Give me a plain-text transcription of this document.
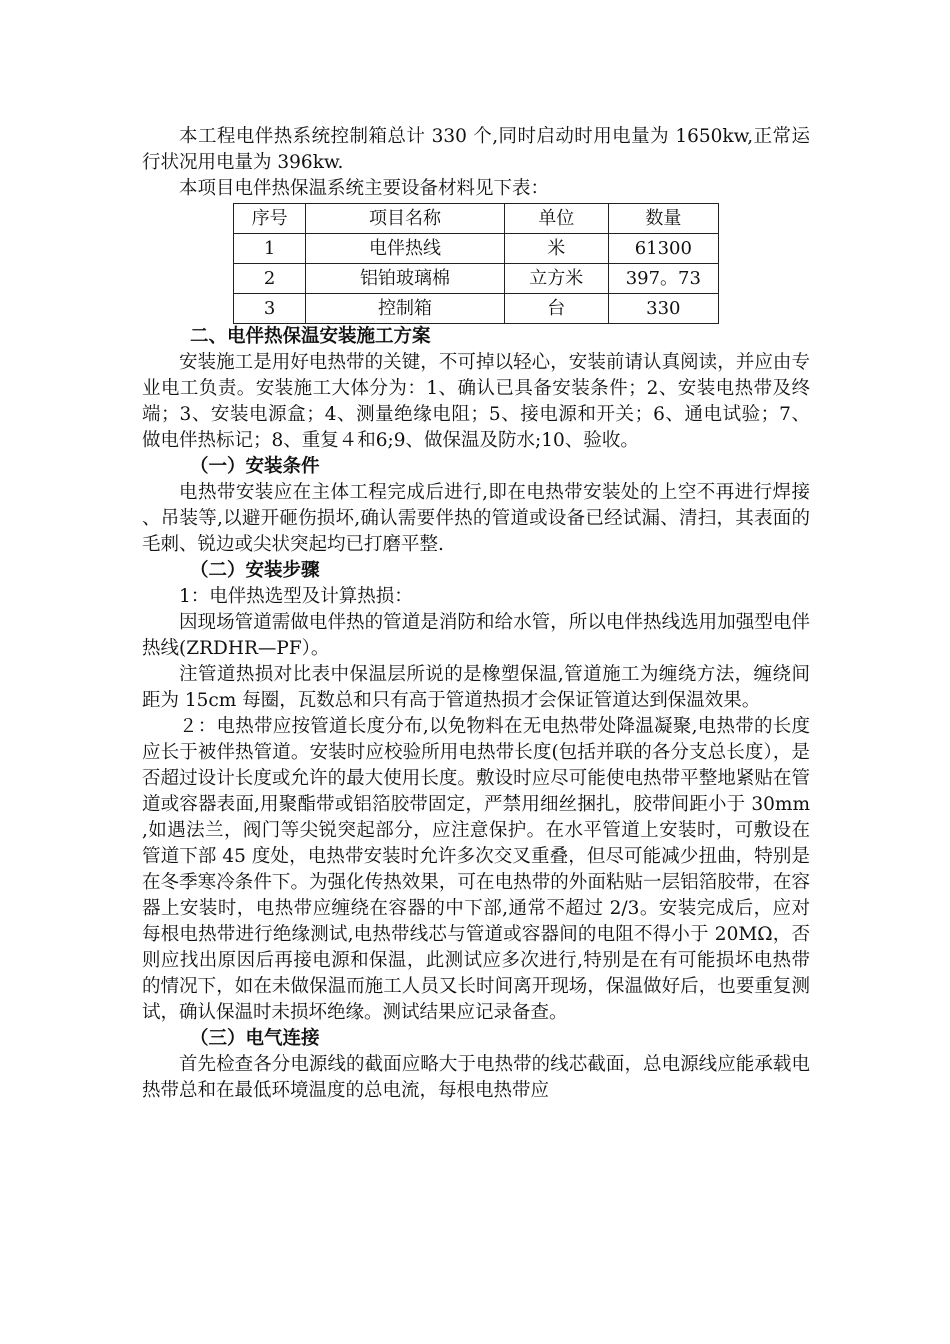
本工程电伴热系统控制箱总计 330 个,同时启动时用电量为 1650kw,正常运行状况用电量为 396kw.

本项目电伴热保温系统主要设备材料见下表：

序号	项目名称	单位	数量
1	电伴热线	米	61300
2	铝铂玻璃棉	立方米	397。73
3	控制箱	台	330
二、电伴热保温安装施工方案

安装施工是用好电热带的关键，不可掉以轻心，安装前请认真阅读，并应由专业电工负责。安装施工大体分为：1、确认已具备安装条件；2、安装电热带及终端；3、安装电源盒；4、测量绝缘电阻；5、接电源和开关；6、通电试验；7、做电伴热标记；8、重复４和6;9、做保温及防水;10、验收。

（一）安装条件

电热带安装应在主体工程完成后进行,即在电热带安装处的上空不再进行焊接、吊装等,以避开砸伤损坏,确认需要伴热的管道或设备已经试漏、清扫，其表面的毛刺、锐边或尖状突起均已打磨平整.

（二）安装步骤

1：电伴热选型及计算热损：

因现场管道需做电伴热的管道是消防和给水管，所以电伴热线选用加强型电伴热线(ZRDHR—PF）。

注管道热损对比表中保温层所说的是橡塑保温,管道施工为缠绕方法，缠绕间距为 15cm 每圈，瓦数总和只有高于管道热损才会保证管道达到保温效果。

２：电热带应按管道长度分布,以免物料在无电热带处降温凝聚,电热带的长度应长于被伴热管道。安装时应校验所用电热带长度(包括并联的各分支总长度），是否超过设计长度或允许的最大使用长度。敷设时应尽可能使电热带平整地紧贴在管道或容器表面,用聚酯带或铝箔胶带固定，严禁用细丝捆扎，胶带间距小于 30mm,如遇法兰，阀门等尖锐突起部分，应注意保护。在水平管道上安装时，可敷设在管道下部 45 度处，电热带安装时允许多次交叉重叠，但尽可能减少扭曲，特别是在冬季寒冷条件下。为强化传热效果，可在电热带的外面粘贴一层铝箔胶带，在容器上安装时，电热带应缠绕在容器的中下部,通常不超过 2/3。安装完成后，应对每根电热带进行绝缘测试,电热带线芯与管道或容器间的电阻不得小于 20MΩ，否则应找出原因后再接电源和保温，此测试应多次进行,特别是在有可能损坏电热带的情况下，如在未做保温而施工人员又长时间离开现场，保温做好后，也要重复测试，确认保温时未损坏绝缘。测试结果应记录备查。

（三）电气连接

首先检查各分电源线的截面应略大于电热带的线芯截面，总电源线应能承载电热带总和在最低环境温度的总电流，每根电热带应
